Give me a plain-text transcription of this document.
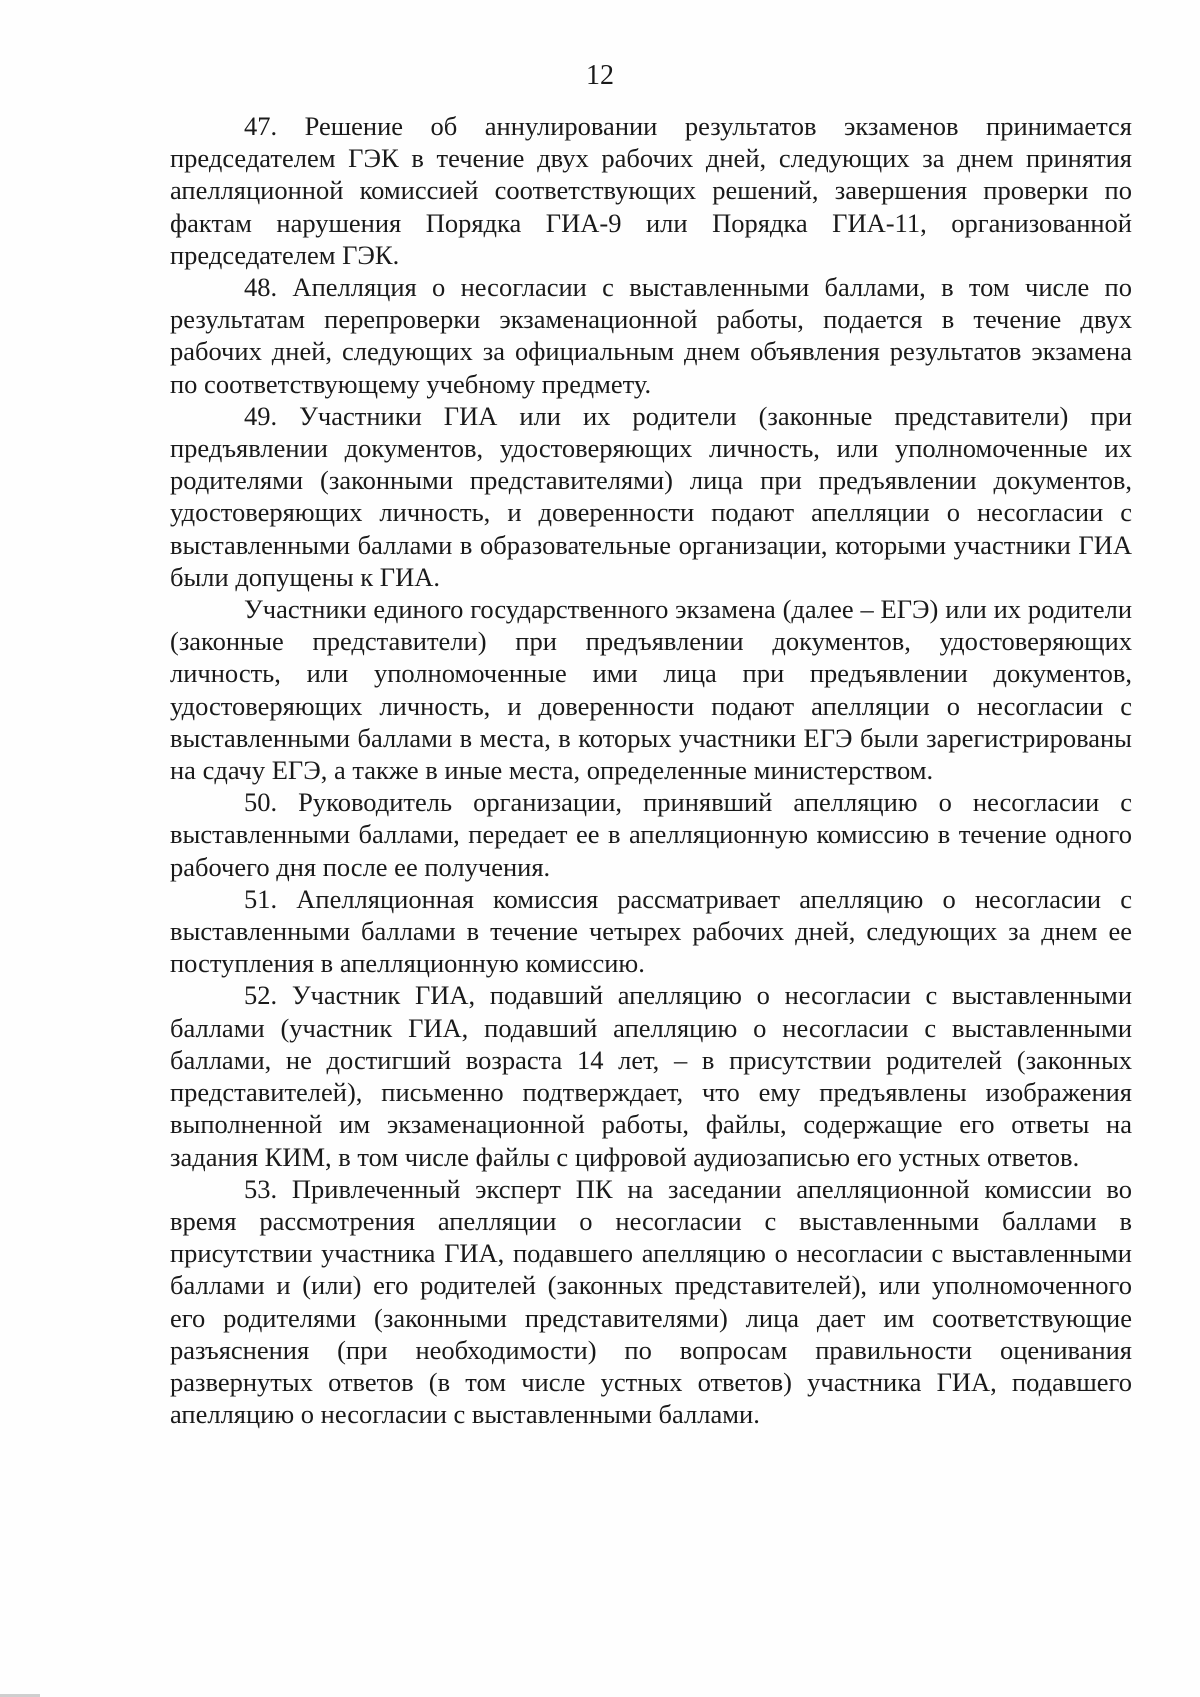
12

47. Решение об аннулировании результатов экзаменов принимается председателем ГЭК в течение двух рабочих дней, следующих за днем принятия апелляционной комиссией соответствующих решений, завершения проверки по фактам нарушения Порядка ГИА-9 или Порядка ГИА-11, организованной председателем ГЭК.

48. Апелляция о несогласии с выставленными баллами, в том числе по результатам перепроверки экзаменационной работы, подается в течение двух рабочих дней, следующих за официальным днем объявления результатов экзамена по соответствующему учебному предмету.

49. Участники ГИА или их родители (законные представители) при предъявлении документов, удостоверяющих личность, или уполномоченные их родителями (законными представителями) лица при предъявлении документов, удостоверяющих личность, и доверенности подают апелляции о несогласии с выставленными баллами в образовательные организации, которыми участники ГИА были допущены к ГИА.

Участники единого государственного экзамена (далее – ЕГЭ) или их родители (законные представители) при предъявлении документов, удостоверяющих личность, или уполномоченные ими лица при предъявлении документов, удостоверяющих личность, и доверенности подают апелляции о несогласии с выставленными баллами в места, в которых участники ЕГЭ были зарегистрированы на сдачу ЕГЭ, а также в иные места, определенные министерством.

50. Руководитель организации, принявший апелляцию о несогласии с выставленными баллами, передает ее в апелляционную комиссию в течение одного рабочего дня после ее получения.

51. Апелляционная комиссия рассматривает апелляцию о несогласии с выставленными баллами в течение четырех рабочих дней, следующих за днем ее поступления в апелляционную комиссию.

52. Участник ГИА, подавший апелляцию о несогласии с выставленными баллами (участник ГИА, подавший апелляцию о несогласии с выставленными баллами, не достигший возраста 14 лет, – в присутствии родителей (законных представителей), письменно подтверждает, что ему предъявлены изображения выполненной им экзаменационной работы, файлы, содержащие его ответы на задания КИМ, в том числе файлы с цифровой аудиозаписью его устных ответов.

53. Привлеченный эксперт ПК на заседании апелляционной комиссии во время рассмотрения апелляции о несогласии с выставленными баллами в присутствии участника ГИА, подавшего апелляцию о несогласии с выставленными баллами и (или) его родителей (законных представителей), или уполномоченного его родителями (законными представителями) лица дает им соответствующие разъяснения (при необходимости) по вопросам правильности оценивания развернутых ответов (в том числе устных ответов) участника ГИА, подавшего апелляцию о несогласии с выставленными баллами.
